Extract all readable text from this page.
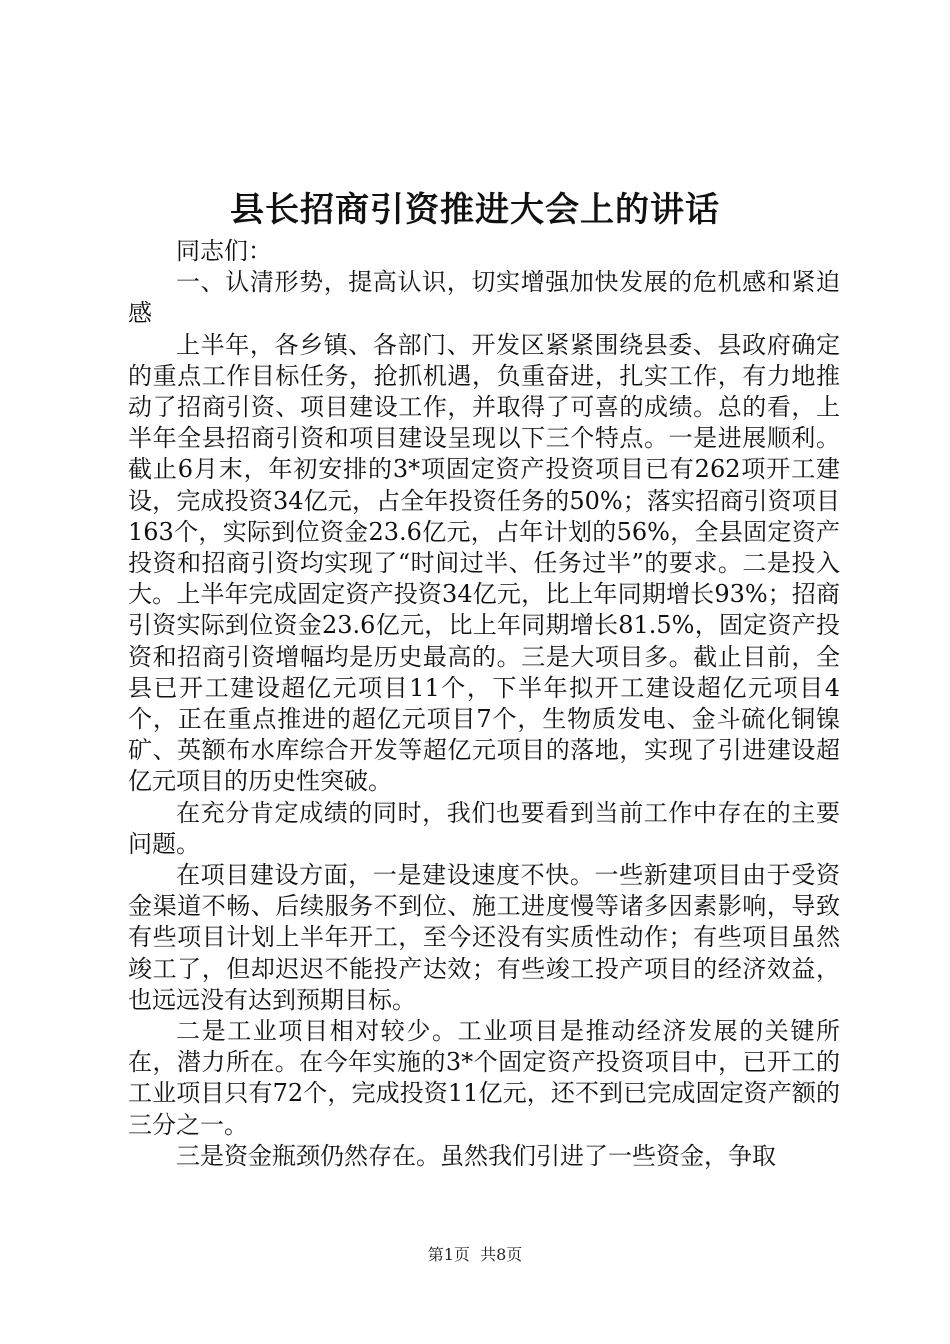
县长招商引资推进大会上的讲话

同志们：

一、认清形势，提高认识，切实增强加快发展的危机感和紧迫感

上半年，各乡镇、各部门、开发区紧紧围绕县委、县政府确定的重点工作目标任务，抢抓机遇，负重奋进，扎实工作，有力地推动了招商引资、项目建设工作，并取得了可喜的成绩。总的看，上半年全县招商引资和项目建设呈现以下三个特点。一是进展顺利。截止6月末，年初安排的3*项固定资产投资项目已有262项开工建设，完成投资34亿元，占全年投资任务的50%；落实招商引资项目163个，实际到位资金23.6亿元，占年计划的56%，全县固定资产投资和招商引资均实现了“时间过半、任务过半”的要求。二是投入大。上半年完成固定资产投资34亿元，比上年同期增长93%；招商引资实际到位资金23.6亿元，比上年同期增长81.5%，固定资产投资和招商引资增幅均是历史最高的。三是大项目多。截止目前，全县已开工建设超亿元项目11个，下半年拟开工建设超亿元项目4个，正在重点推进的超亿元项目7个，生物质发电、金斗硫化铜镍矿、英额布水库综合开发等超亿元项目的落地，实现了引进建设超亿元项目的历史性突破。

在充分肯定成绩的同时，我们也要看到当前工作中存在的主要问题。

在项目建设方面，一是建设速度不快。一些新建项目由于受资金渠道不畅、后续服务不到位、施工进度慢等诸多因素影响，导致有些项目计划上半年开工，至今还没有实质性动作；有些项目虽然竣工了，但却迟迟不能投产达效；有些竣工投产项目的经济效益，也远远没有达到预期目标。

二是工业项目相对较少。工业项目是推动经济发展的关键所在，潜力所在。在今年实施的3*个固定资产投资项目中，已开工的工业项目只有72个，完成投资11亿元，还不到已完成固定资产额的三分之一。

三是资金瓶颈仍然存在。虽然我们引进了一些资金，争取

第1页 共8页
